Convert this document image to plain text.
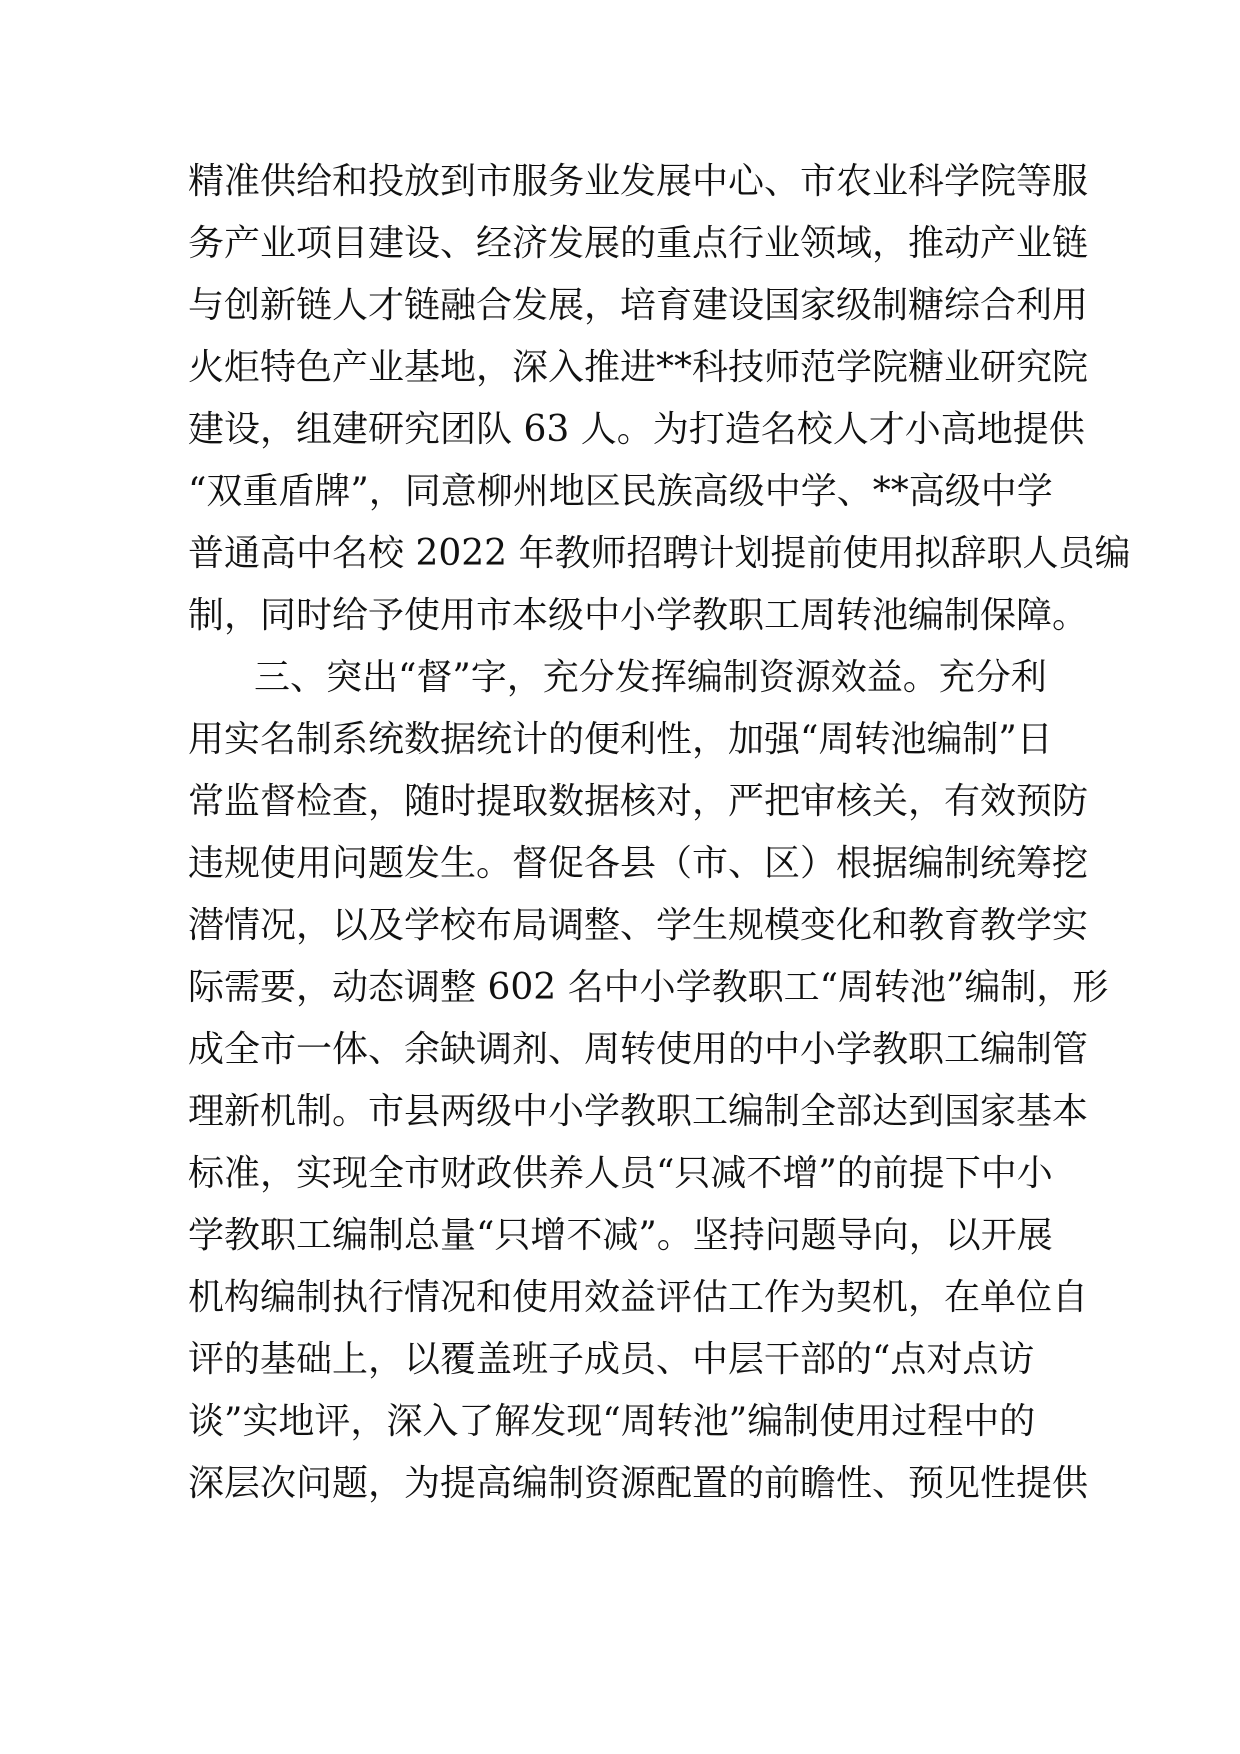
精准供给和投放到市服务业发展中心、市农业科学院等服
务产业项目建设、经济发展的重点行业领域，推动产业链
与创新链人才链融合发展，培育建设国家级制糖综合利用
火炬特色产业基地，深入推进**科技师范学院糖业研究院
建设，组建研究团队 63 人。为打造名校人才小高地提供
“双重盾牌”，同意柳州地区民族高级中学、**高级中学
普通高中名校 2022 年教师招聘计划提前使用拟辞职人员编
制，同时给予使用市本级中小学教职工周转池编制保障。
三、突出“督”字，充分发挥编制资源效益。充分利
用实名制系统数据统计的便利性，加强“周转池编制”日
常监督检查，随时提取数据核对，严把审核关，有效预防
违规使用问题发生。督促各县（市、区）根据编制统筹挖
潜情况，以及学校布局调整、学生规模变化和教育教学实
际需要，动态调整 602 名中小学教职工“周转池”编制，形
成全市一体、余缺调剂、周转使用的中小学教职工编制管
理新机制。市县两级中小学教职工编制全部达到国家基本
标准，实现全市财政供养人员“只减不增”的前提下中小
学教职工编制总量“只增不减”。坚持问题导向，以开展
机构编制执行情况和使用效益评估工作为契机，在单位自
评的基础上，以覆盖班子成员、中层干部的“点对点访
谈”实地评，深入了解发现“周转池”编制使用过程中的
深层次问题，为提高编制资源配置的前瞻性、预见性提供
